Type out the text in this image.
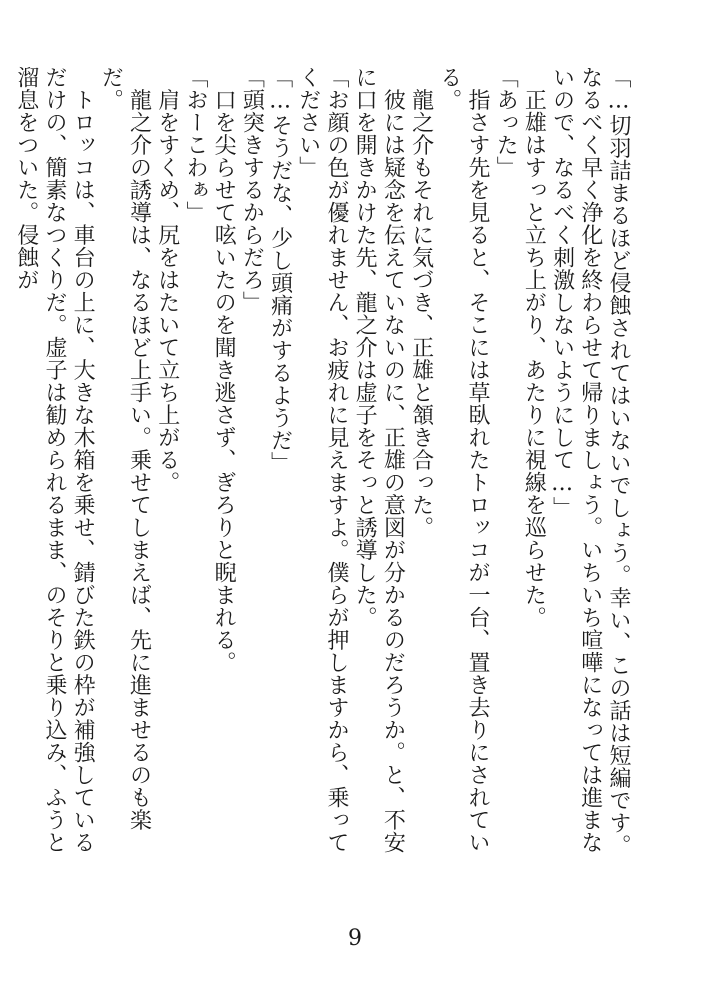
「…切羽詰まるほど侵蝕されてはいないでしょう。幸い、この話は短編です。なるべく早く浄化を終わらせて帰りましょう。いちいち喧嘩になっては進まないので、なるべく刺激しないようにして…」

　正雄はすっと立ち上がり、あたりに視線を巡らせた。

「あった」

　指さす先を見ると、そこには草臥れたトロッコが一台、置き去りにされている。

　龍之介もそれに気づき、正雄と頷き合った。

　彼には疑念を伝えていないのに、正雄の意図が分かるのだろうか。と、不安に口を開きかけた先、龍之介は虚子をそっと誘導した。

「お顔の色が優れません、お疲れに見えますよ。僕らが押しますから、乗ってください」

「…そうだな、少し頭痛がするようだ」

「頭突きするからだろ」

　口を尖らせて呟いたのを聞き逃さず、ぎろりと睨まれる。

「おーこわぁ」

　肩をすくめ、尻をはたいて立ち上がる。

　龍之介の誘導は、なるほど上手い。乗せてしまえば、先に進ませるのも楽だ。

　トロッコは、車台の上に、大きな木箱を乗せ、錆びた鉄の枠が補強しているだけの、簡素なつくりだ。虚子は勧められるまま、のそりと乗り込み、ふうと溜息をついた。侵蝕が

9
